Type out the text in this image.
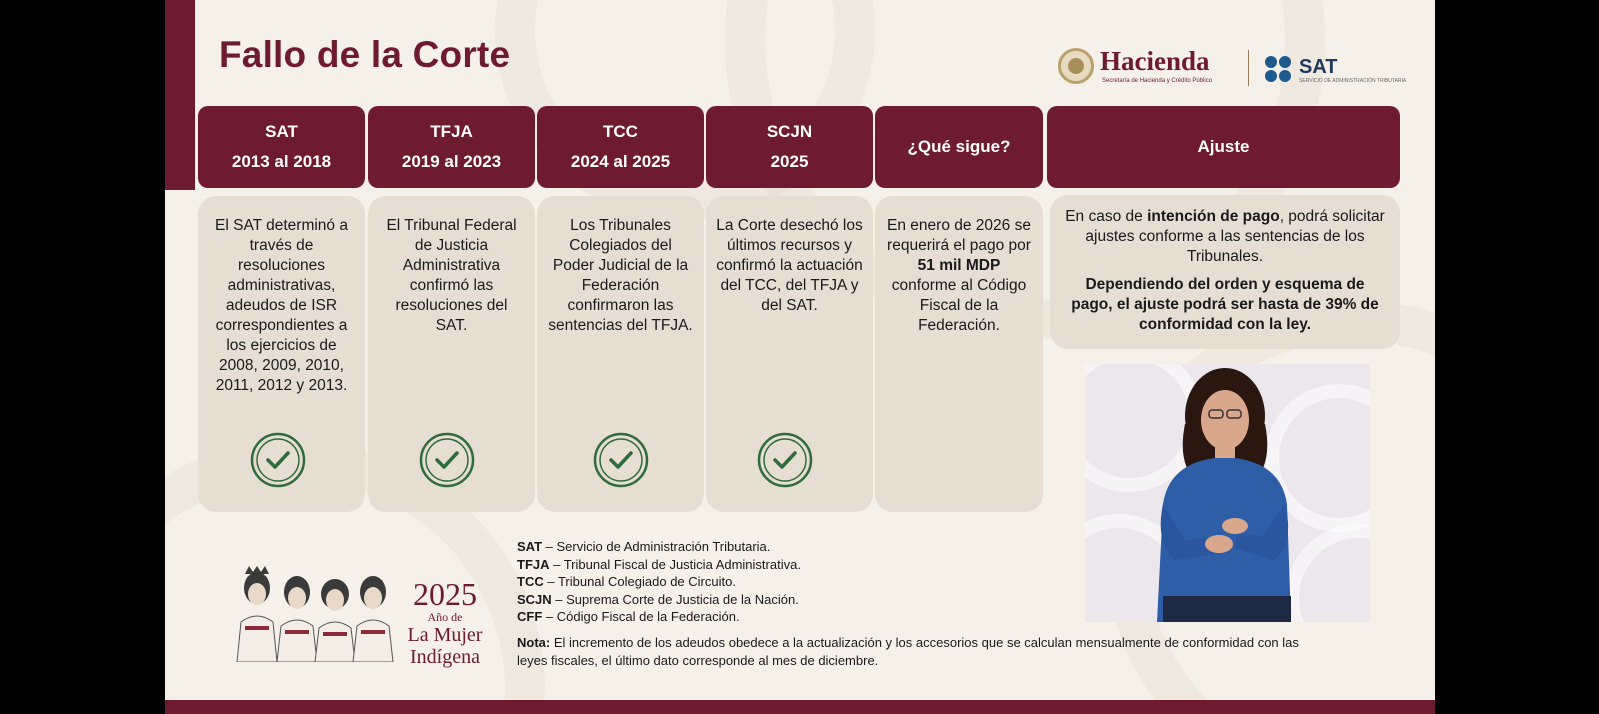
Fallo de la Corte	Hacienda
Secretaría de Hacienda y Crédito Público
SAT
SERVICIO DE ADMINISTRACIÓN TRIBUTARIA
SAT
2013 al 2018
TFJA
2019 al 2023
TCC
2024 al 2025
SCJN
2025
¿Qué sigue?	Ajuste
El SAT determinó a través de resoluciones administrativas, adeudos de ISR correspondientes a los ejercicios de 2008, 2009, 2010, 2011, 2012 y 2013.
El Tribunal Federal de Justicia Administrativa confirmó las resoluciones del SAT.
Los Tribunales Colegiados del Poder Judicial de la Federación confirmaron las sentencias del TFJA.
La Corte desechó los últimos recursos y confirmó la actuación del TCC, del TFJA y del SAT.
En enero de 2026 se requerirá el pago por 51 mil MDP conforme al Código Fiscal de la Federación.

En caso de intención de pago, podrá solicitar ajustes conforme a las sentencias de los Tribunales.

Dependiendo del orden y esquema de pago, el ajuste podrá ser hasta de 39% de conformidad con la ley.

SAT – Servicio de Administración Tributaria.
TFJA – Tribunal Fiscal de Justicia Administrativa.
TCC – Tribunal Colegiado de Circuito.
SCJN – Suprema Corte de Justicia de la Nación.
CFF – Código Fiscal de la Federación.
Nota: El incremento de los adeudos obedece a la actualización y los accesorios que se calculan mensualmente de conformidad con las leyes fiscales, el último dato corresponde al mes de diciembre.
2025
Año de
La Mujer
Indígena
